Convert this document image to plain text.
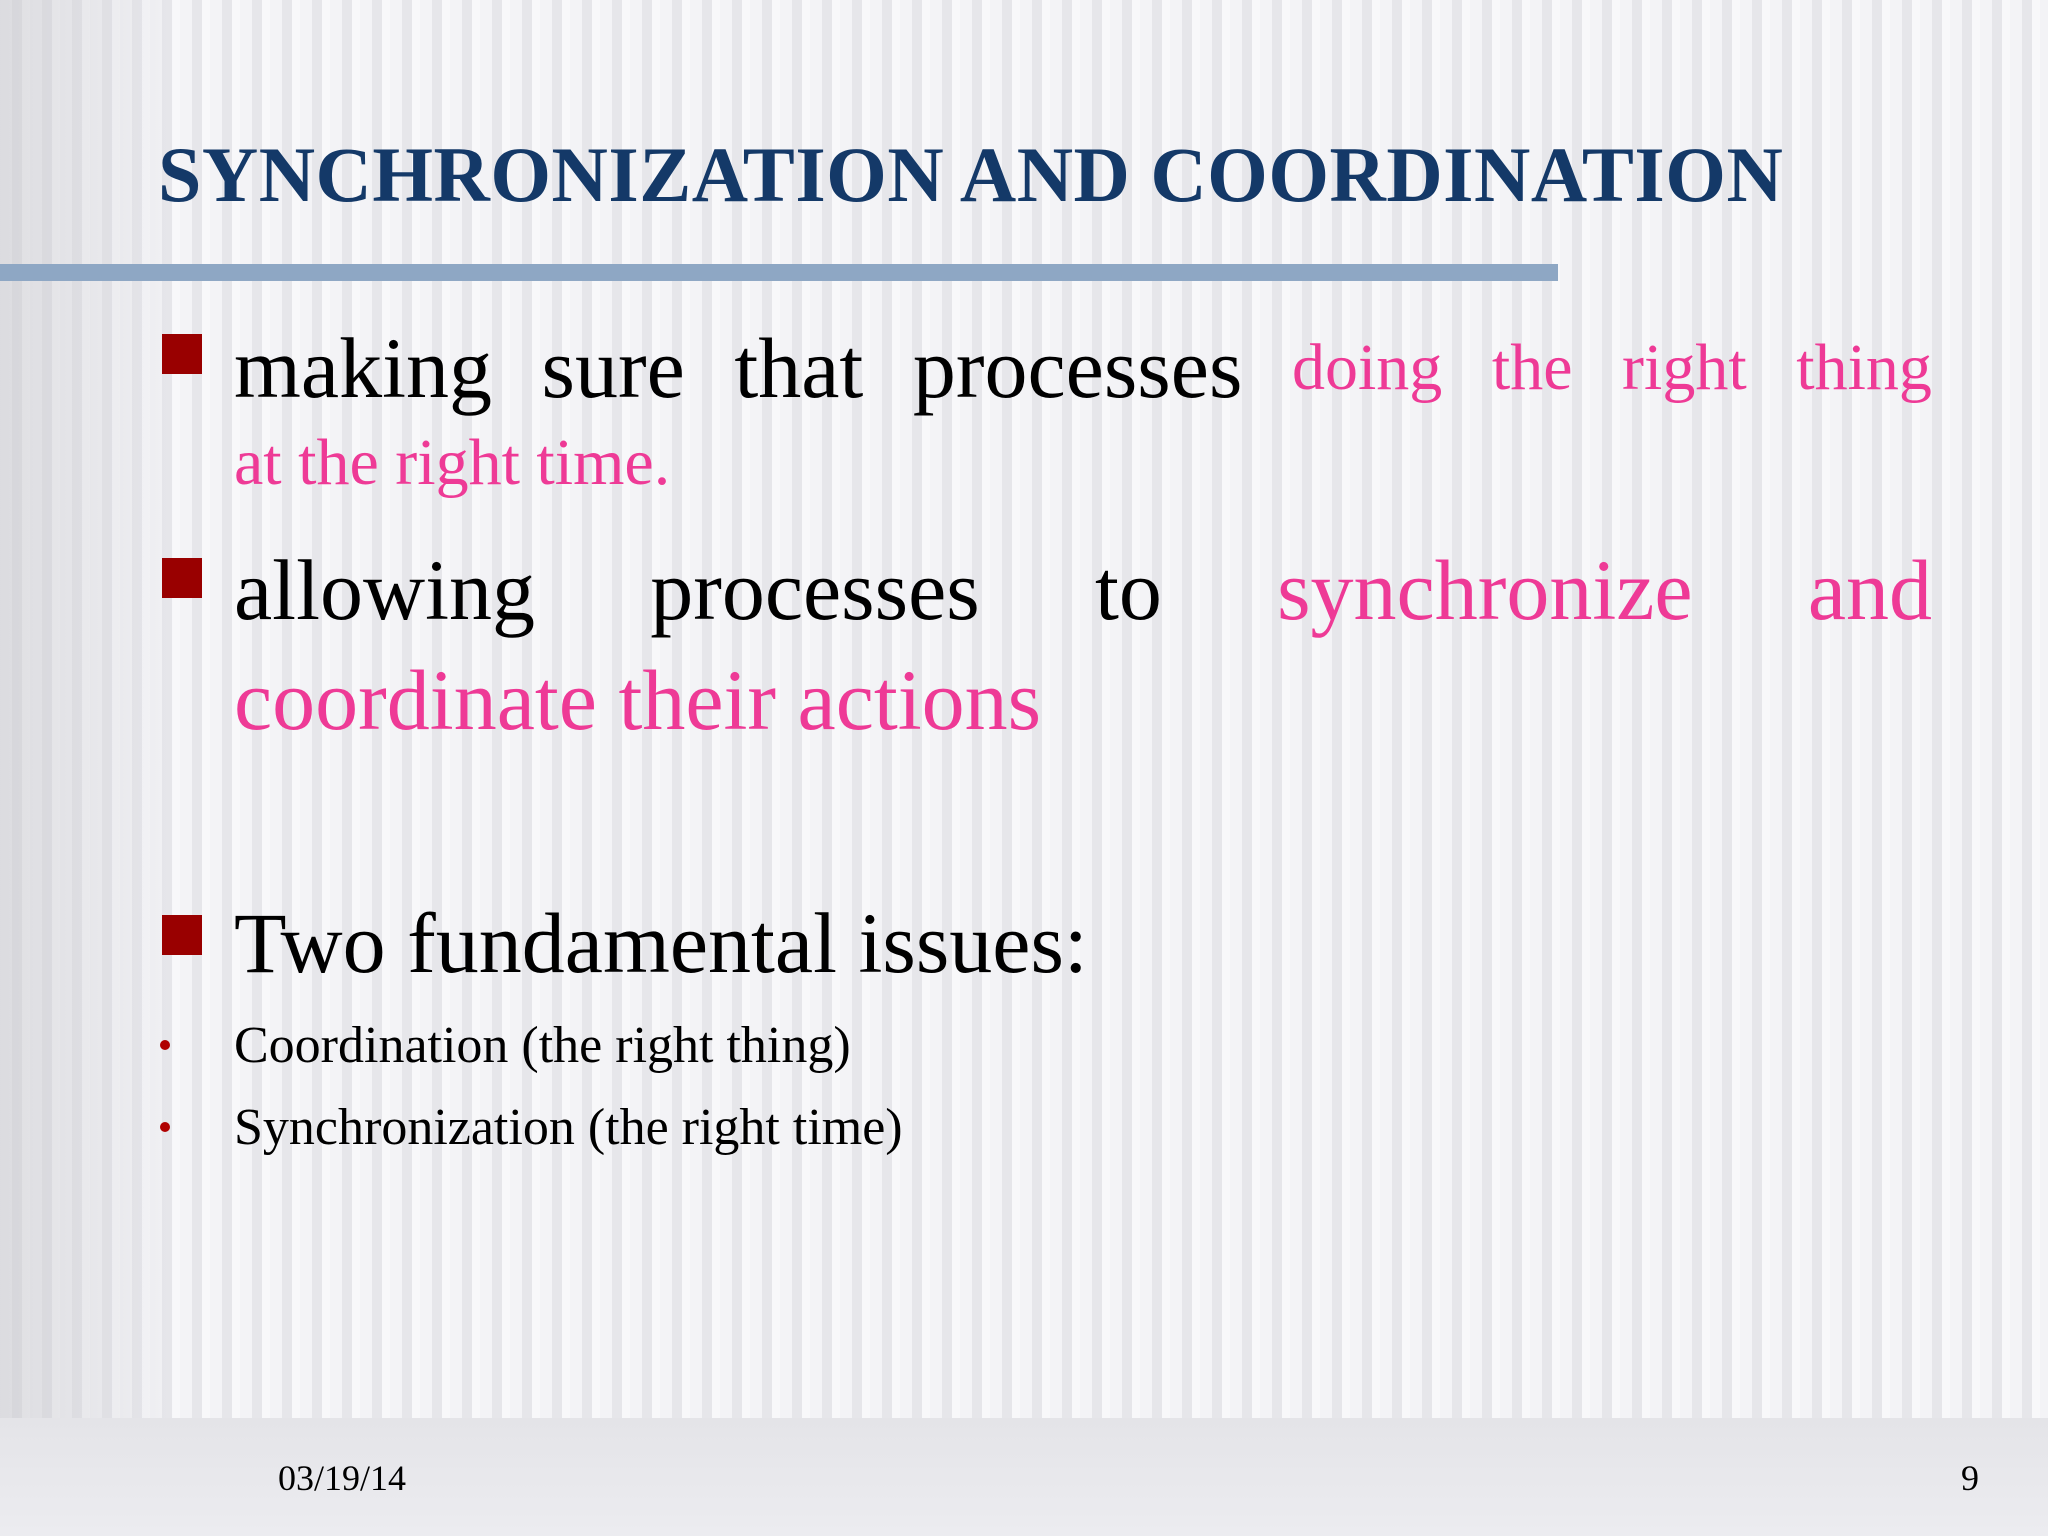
SYNCHRONIZATION AND COORDINATION
making sure that processes doing the right thing
at the right time.
allowing processes to synchronize and
coordinate their actions
Two fundamental issues:
Coordination (the right thing)
Synchronization (the right time)
03/19/14	9
